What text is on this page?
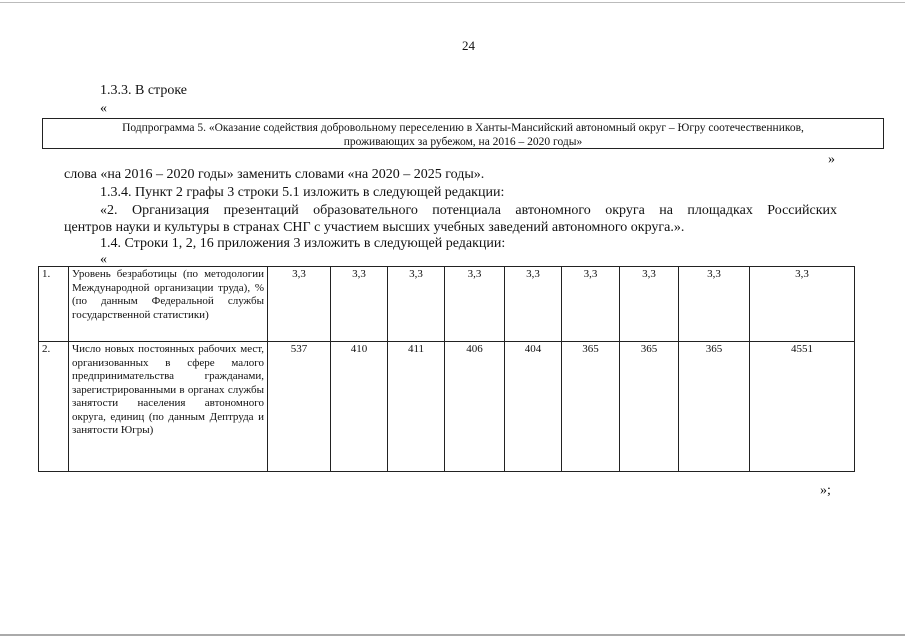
24
1.3.3. В строке
«
Подпрограмма 5. «Оказание содействия добровольному переселению в Ханты-Мансийский автономный округ – Югру соотечественников,
проживающих за рубежом, на 2016 – 2020 годы»
»
слова «на 2016 – 2020 годы» заменить словами «на 2020 – 2025 годы».
1.3.4. Пункт 2 графы 3 строки 5.1 изложить в следующей редакции:
«2. Организация презентаций образовательного потенциала автономного округа на площадках Российских
центров науки и культуры в странах СНГ с участием высших учебных заведений автономного округа.».
1.4. Строки 1, 2, 16 приложения 3 изложить в следующей редакции:
«
1.	Уровень безработицы (по методологии Международной организации труда), % (по данным Федеральной службы государственной статистики)	3,3	3,3	3,3	3,3	3,3	3,3	3,3	3,3	3,3
2.	Число новых постоянных рабочих мест, организованных в сфере малого предпринимательства гражданами, зарегистрированными в органах службы занятости населения автономного округа, единиц (по данным Дептруда и занятости Югры)	537	410	411	406	404	365	365	365	4551
»;
